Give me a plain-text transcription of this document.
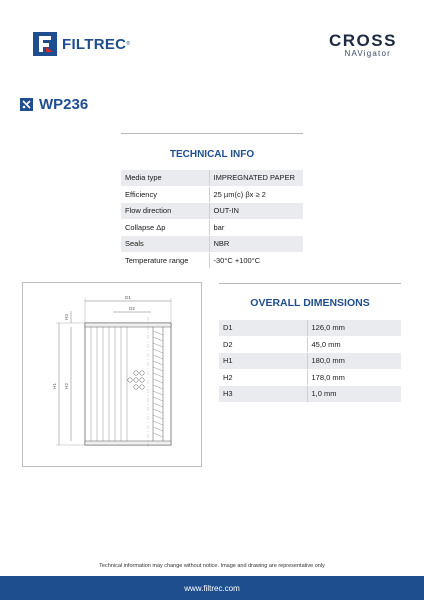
FILTREC ®	CROSS
NAVigator
WP236
TECHNICAL INFO
Media type	IMPREGNATED PAPER
Efficiency	25 µm(c) βx ≥ 2
Flow direction	OUT-IN
Collapse Δp	bar
Seals	NBR
Temperature range	-30°C +100°C
D1
D2
H1 H2
H3
OVERALL DIMENSIONS
D1	126,0 mm
D2	45,0 mm
H1	180,0 mm
H2	178,0 mm
H3	1,0 mm
Technical information may change without notice. Image and drawing are representative only
www.filtrec.com
